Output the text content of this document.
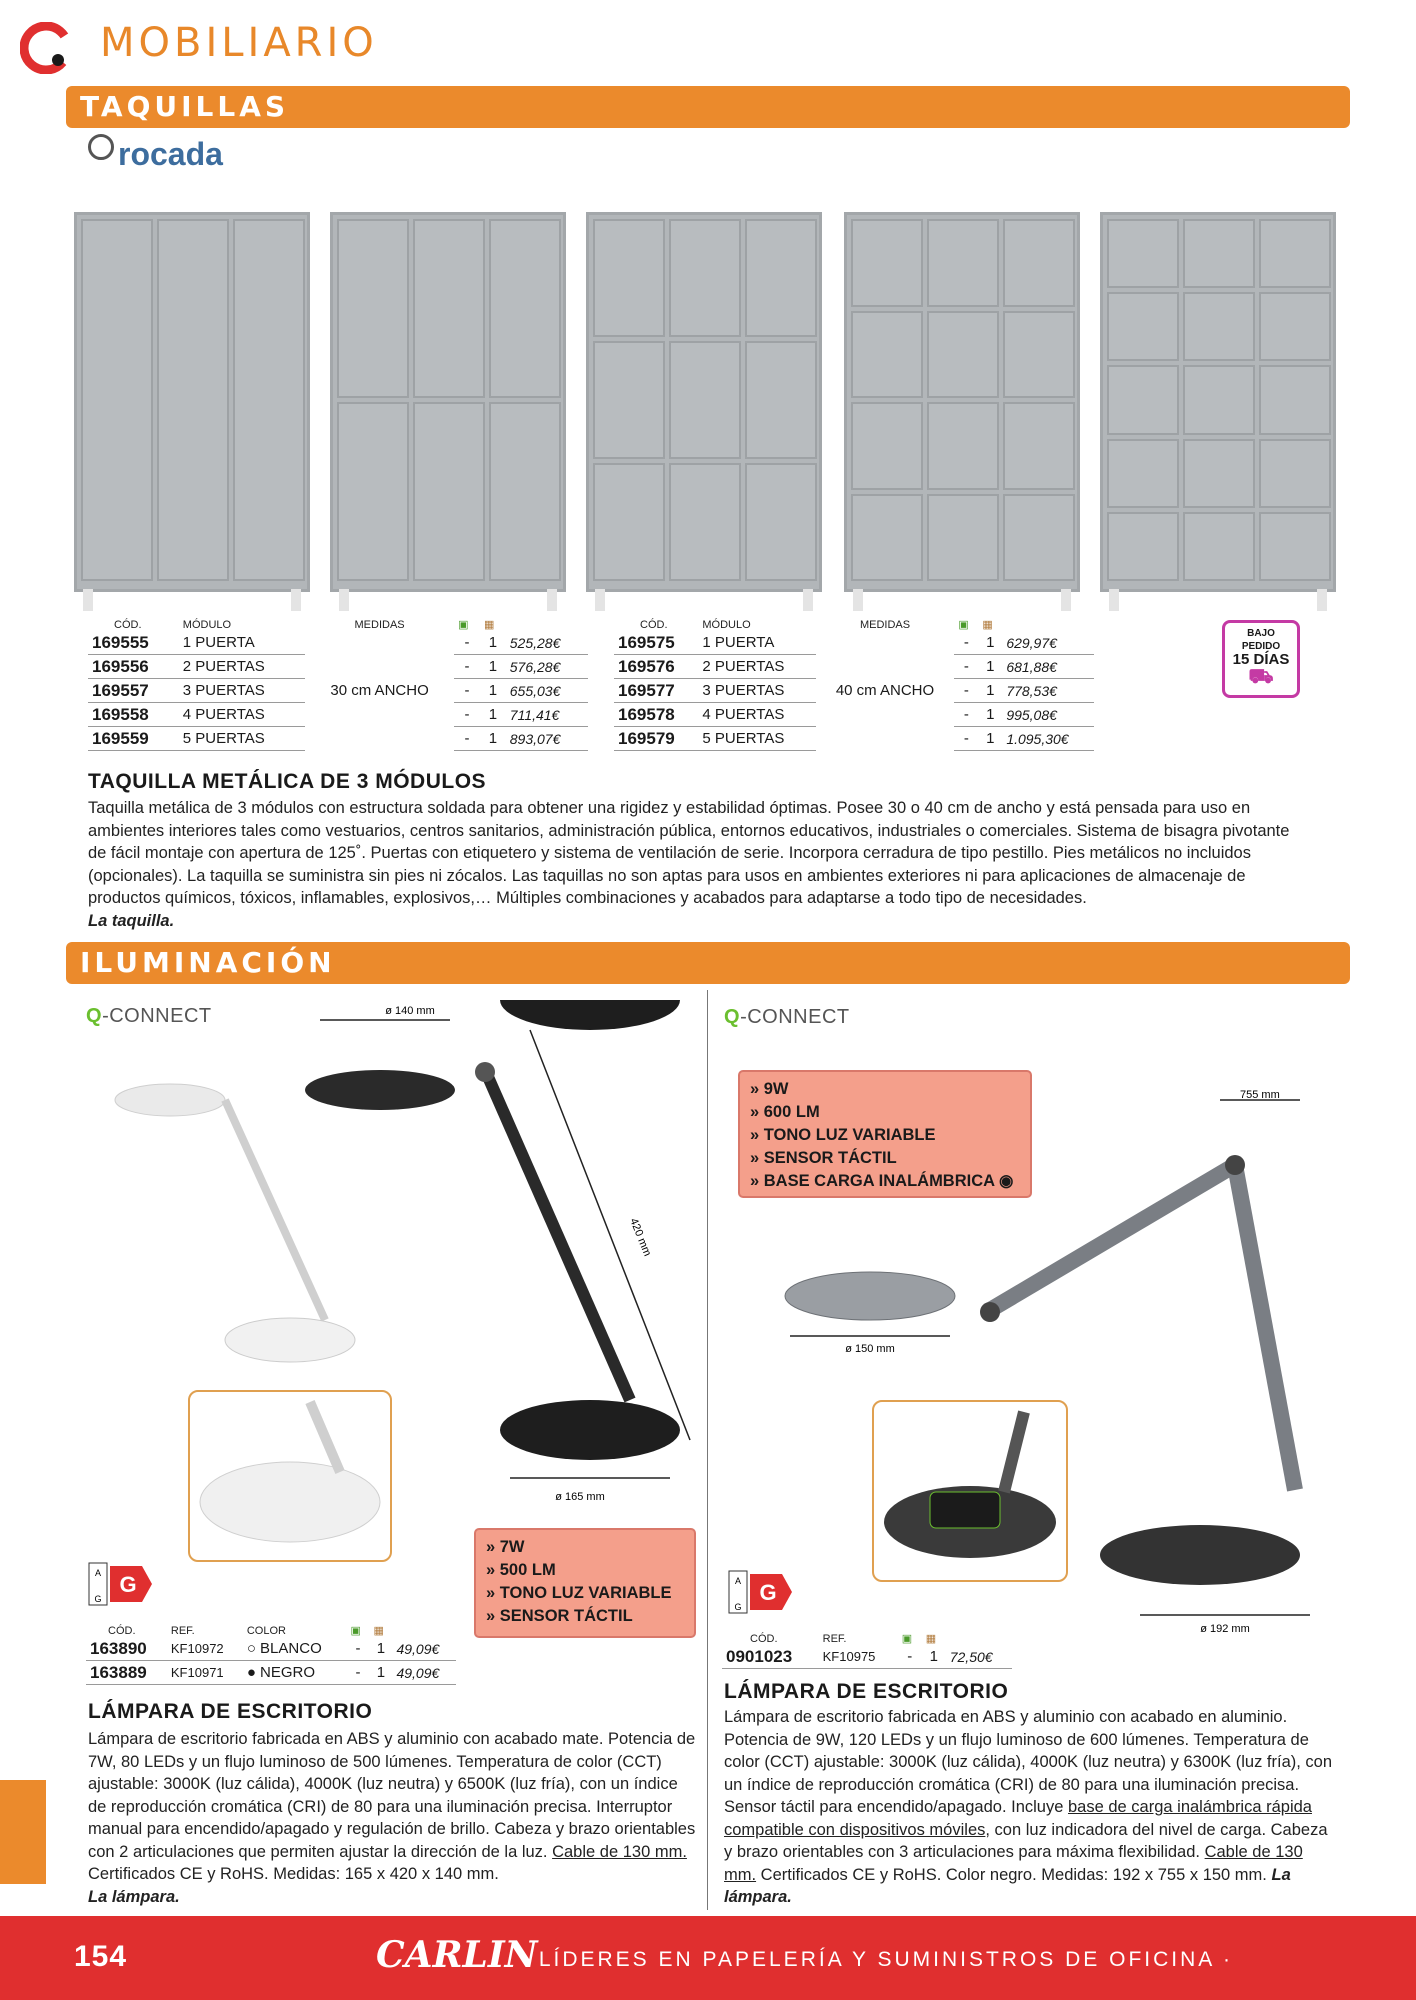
MOBILIARIO
TAQUILLAS
rocada
CÓD.	MÓDULO	MEDIDAS	▣	▦	
169555	1 PUERTA	30 cm ANCHO	-	1	525,28€
169556	2 PUERTAS		-	1	576,28€
169557	3 PUERTAS		-	1	655,03€
169558	4 PUERTAS		-	1	711,41€
169559	5 PUERTAS		-	1	893,07€
CÓD.	MÓDULO	MEDIDAS	▣	▦	
169575	1 PUERTA	40 cm ANCHO	-	1	629,97€
169576	2 PUERTAS		-	1	681,88€
169577	3 PUERTAS		-	1	778,53€
169578	4 PUERTAS		-	1	995,08€
169579	5 PUERTAS		-	1	1.095,30€
BAJO
PEDIDO
15 DÍAS
⛟
TAQUILLA METÁLICA DE 3 MÓDULOS
Taquilla metálica de 3 módulos con estructura soldada para obtener una rigidez y estabilidad óptimas. Posee 30 o 40 cm de ancho y está pensada para uso en ambientes interiores tales como vestuarios, centros sanitarios, administración pública, entornos educativos, industriales o comerciales. Sistema de bisagra pivotante de fácil montaje con apertura de 125˚. Puertas con etiquetero y sistema de ventilación de serie. Incorpora cerradura de tipo pestillo. Pies metálicos no incluidos (opcionales). La taquilla se suministra sin pies ni zócalos. Las taquillas no son aptas para usos en ambientes exteriores ni para aplicaciones de almacenaje de productos químicos, tóxicos, inflamables, explosivos,… Múltiples combinaciones y acabados para adaptarse a todo tipo de necesidades.
La taquilla.
ILUMINACIÓN
Q-CONNECT	ø 140 mm
420 mm
ø 165 mm
» 7W
» 500 LM
» TONO LUZ VARIABLE
» SENSOR TÁCTIL
A
G
G
CÓD.	REF.	COLOR	▣	▦	
163890	KF10972	○ BLANCO	-	1	49,09€
163889	KF10971	● NEGRO	-	1	49,09€
LÁMPARA DE ESCRITORIO
Lámpara de escritorio fabricada en ABS y aluminio con acabado mate. Potencia de 7W, 80 LEDs y un flujo luminoso de 500 lúmenes. Temperatura de color (CCT) ajustable: 3000K (luz cálida), 4000K (luz neutra) y 6500K (luz fría), con un índice de reproducción cromática (CRI) de 80 para una iluminación precisa. Interruptor manual para encendido/apagado y regulación de brillo. Cabeza y brazo orientables con 2 articulaciones que permiten ajustar la dirección de la luz. Cable de 130 mm. Certificados CE y RoHS. Medidas: 165 x 420 x 140 mm.
La lámpara.
Q-CONNECT
» 9W
» 600 LM
» TONO LUZ VARIABLE
» SENSOR TÁCTIL
» BASE CARGA INALÁMBRICA ◉
755 mm
ø 150 mm
ø 192 mm
A
G
G
CÓD.	REF.	▣	▦	
0901023	KF10975	-	1	72,50€
LÁMPARA DE ESCRITORIO
Lámpara de escritorio fabricada en ABS y aluminio con acabado en aluminio. Potencia de 9W, 120 LEDs y un flujo luminoso de 600 lúmenes. Temperatura de color (CCT) ajustable: 3000K (luz cálida), 4000K (luz neutra) y 6300K (luz fría), con un índice de reproducción cromática (CRI) de 80 para una iluminación precisa. Sensor táctil para encendido/apagado. Incluye base de carga inalámbrica rápida compatible con dispositivos móviles, con luz indicadora del nivel de carga. Cabeza y brazo orientables con 3 articulaciones para máxima flexibilidad. Cable de 130 mm. Certificados CE y RoHS. Color negro. Medidas: 192 x 755 x 150 mm. La lámpara.
154	CARLIN
· LÍDERES EN PAPELERÍA Y SUMINISTROS DE OFICINA ·
